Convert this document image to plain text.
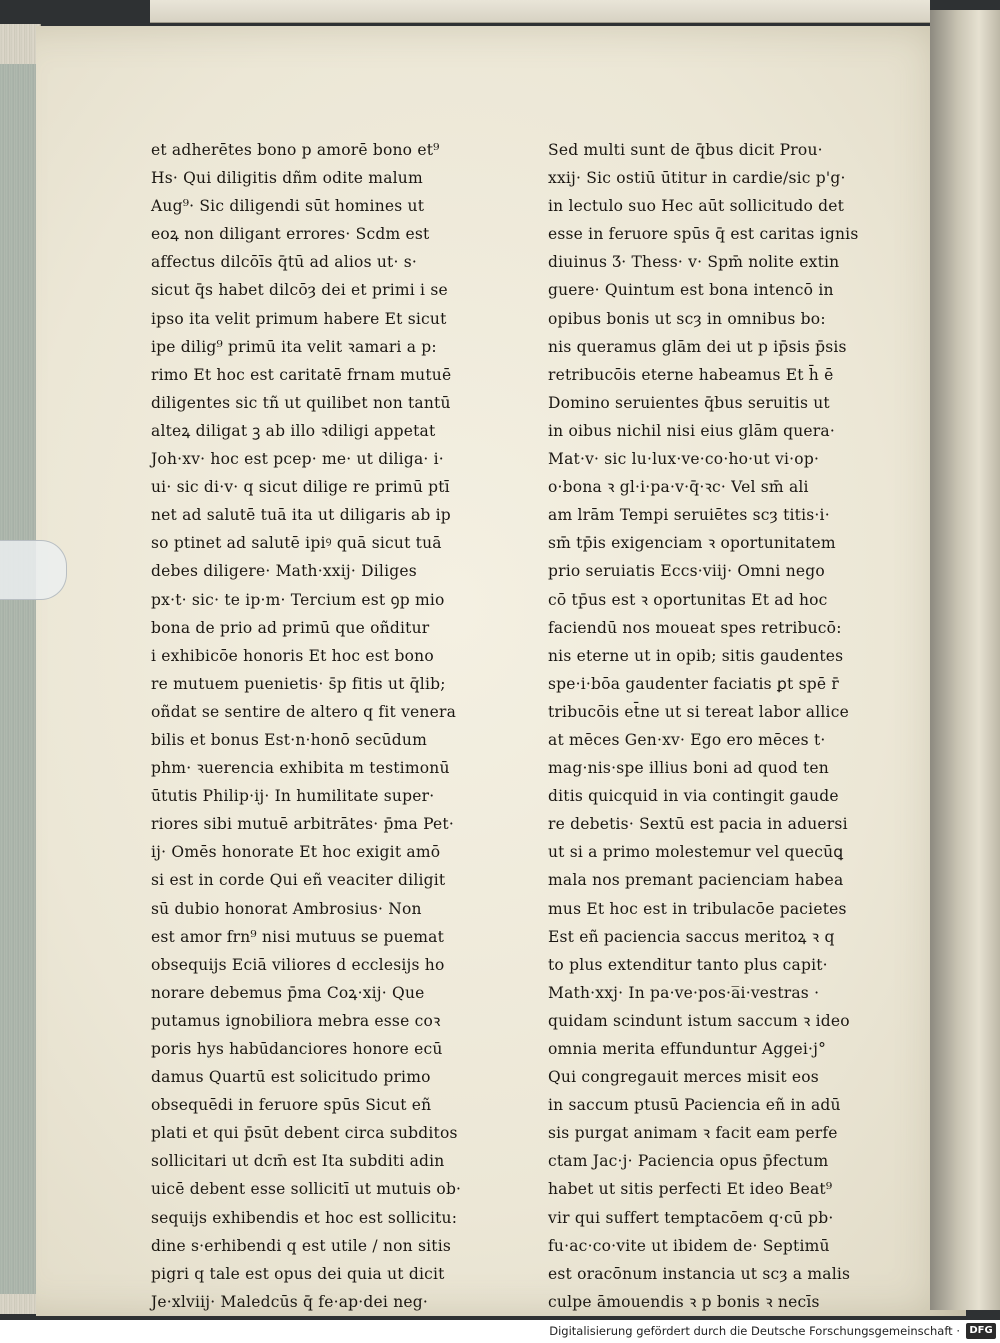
et adherētes bono p amorē bono et⁹
Hs· Qui diligitis dñm odite malum
Aug⁹· Sic diligendi sūt homines ut
eoꝝ non diligant errores· Scdm est
affectus dilcōīs q̄tū ad alios ut· s·
sicut q̄s habet dilcōȝ dei et primi i se
ipso ita velit primum habere Et sicut
ipe dilig⁹ primū ita velit ꝛamari a p:
rimo Et hoc est caritatē frnam mutuē
diligentes sic tñ ut quilibet non tantū
alteꝝ diligat ꝫ ab illo ꝛdiligi appetat
Joh·xv· hoc est pcep· me· ut diliga· i·
ui· sic di·v· q sicut dilige re primū ptī
net ad salutē tuā ita ut diligaris ab ip
so ptinet ad salutē ipiꝰ quā sicut tuā
debes diligere· Math·xxij· Diliges
px·t· sic· te ip·m· Tercium est ꝯp mio
bona de prio ad primū que oñditur
i exhibicōe honoris Et hoc est bono
re mutuem puenietis· s̄p fitis ut q̄lib;
oñdat se sentire de altero q fit venera
bilis et bonus Est·n·honō secūdum
phm· ꝛuerencia exhibita m testimonū
ūtutis Philip·ij· In humilitate super·
riores sibi mutuē arbitrātes· p̄ma Pet·
ij· Omēs honorate Et hoc exigit amō
si est in corde Qui eñ veaciter diligit
sū dubio honorat Ambrosius· Non
est amor frn⁹ nisi mutuus se puemat
obsequijs Eciā viliores d ecclesijs ho
norare debemus p̄ma Coꝝ·xij· Que
putamus ignobiliora mebra esse coꝛ
poris hys habūdanciores honore ecū
damus Quartū est solicitudo primo
obsequēdi in feruore spūs Sicut eñ
plati et qui p̄sūt debent circa subditos
sollicitari ut dcm̄ est Ita subditi adin
uicē debent esse sollicitī ut mutuis ob·
sequijs exhibendis et hoc est sollicitu:
dine s·erhibendi q est utile / non sitis
pigri q tale est opus dei quia ut dicit
Je·xlviij· Maledcūs q̄ fe·ap·dei neg·
Sed multi sunt de q̄bus dicit Prou·
xxij· Sic ostiū ūtitur in cardie/sic p'g·
in lectulo suo Hec aūt sollicitudo det
esse in feruore spūs q̄ est caritas ignis
diuinus Ӡ· Thess· v· Spm̄ nolite extin
guere· Quintum est bona intencō in
opibus bonis ut scȝ in omnibus bo:
nis queramus glām dei ut p ip̄sis p̄sis
retribucōis eterne habeamus Et h̄ ē
Domino seruientes q̄bus seruitis ut
in oibus nichil nisi eius glām quera·
Mat·v· sic lu·lux·ve·co·ho·ut vi·op·
o·bona ꝛ gl·i·pa·v·q̄·ꝛc· Vel sm̄ ali
am lrām Tempi seruiētes scȝ titis·i·
sm̄ tp̄is exigenciam ꝛ oportunitatem
prio seruiatis Eccs·viij· Omni nego
cō tp̄us est ꝛ oportunitas Et ad hoc
faciendū nos moueat spes retribucō:
nis eterne ut in opib; sitis gaudentes
spe·i·bōa gaudenter faciatis ꝑt spē r̄
tribucōis et̄ne ut si tereat labor allice
at mēces Gen·xv· Ego ero mēces t·
mag·nis·spe illius boni ad quod ten
ditis quicquid in via contingit gaude
re debetis· Sextū est pacia in aduersi
ut si a primo molestemur vel quecūꝗ
mala nos premant pacienciam habea
mus Et hoc est in tribulacōe pacietes
Est eñ paciencia saccus meritoꝝ ꝛ q
to plus extenditur tanto plus capit·
Math·xxj· In pa·ve·pos·a̅i·vestras ·
quidam scindunt istum saccum ꝛ ideo
omnia merita effunduntur Aggei·j°
Qui congregauit merces misit eos
in saccum ptusū Paciencia eñ in adū
sis purgat animam ꝛ facit eam perfe
ctam Jac·j· Paciencia opus p̄fectum
habet ut sitis perfecti Et ideo Beat⁹
vir qui suffert temptacōem q·cū pb·
fu·ac·co·vite ut ibidem de· Septimū
est oracōnum instancia ut scȝ a malis
culpe āmouendis ꝛ p bonis ꝛ necīs
Digitalisierung gefördert durch die Deutsche Forschungsgemeinschaft · DFG
